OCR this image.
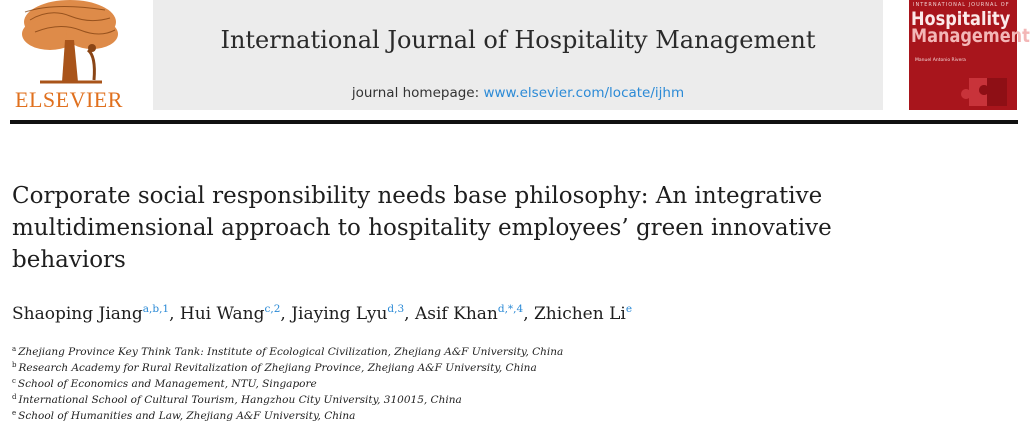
ELSEVIER
International Journal of Hospitality Management
journal homepage: www.elsevier.com/locate/ijhm
INTERNATIONAL JOURNAL OF
Hospitality
Management
Manuel Antonio Rivera
Corporate social responsibility needs base philosophy: An integrative multidimensional approach to hospitality employees’ green innovative behaviors
Shaoping Jiang$^{a,b,1}$, Hui Wang$^{c,2}$, Jiaying Lyu$^{d,3}$, Asif Khan$^{d,*,4}$, Zhichen Li$^e$
$^a$ Zhejiang Province Key Think Tank: Institute of Ecological Civilization, Zhejiang A&F University, China
$^b$ Research Academy for Rural Revitalization of Zhejiang Province, Zhejiang A&F University, China
$^c$ School of Economics and Management, NTU, Singapore
$^d$ International School of Cultural Tourism, Hangzhou City University, 310015, China
$^e$ School of Humanities and Law, Zhejiang A&F University, China
